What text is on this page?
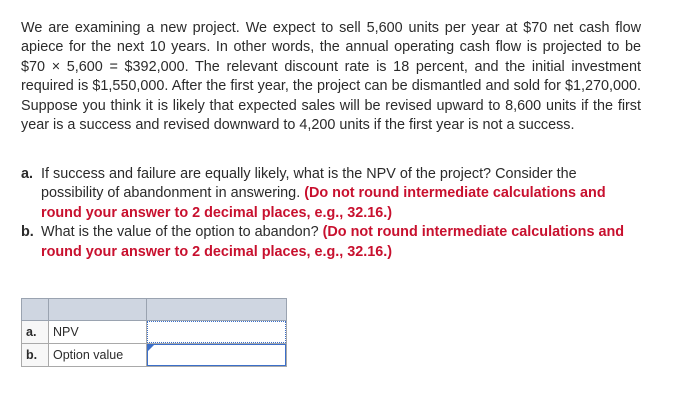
We are examining a new project. We expect to sell 5,600 units per year at $70 net cash flow apiece for the next 10 years. In other words, the annual operating cash flow is projected to be $70 × 5,600 = $392,000. The relevant discount rate is 18 percent, and the initial investment required is $1,550,000. After the first year, the project can be dismantled and sold for $1,270,000. Suppose you think it is likely that expected sales will be revised upward to 8,600 units if the first year is a success and revised downward to 4,200 units if the first year is not a success.

a. If success and failure are equally likely, what is the NPV of the project? Consider the possibility of abandonment in answering. (Do not round intermediate calculations and round your answer to 2 decimal places, e.g., 32.16.)
b. What is the value of the option to abandon? (Do not round intermediate calculations and round your answer to 2 decimal places, e.g., 32.16.)

a.	NPV	
b.	Option value	
